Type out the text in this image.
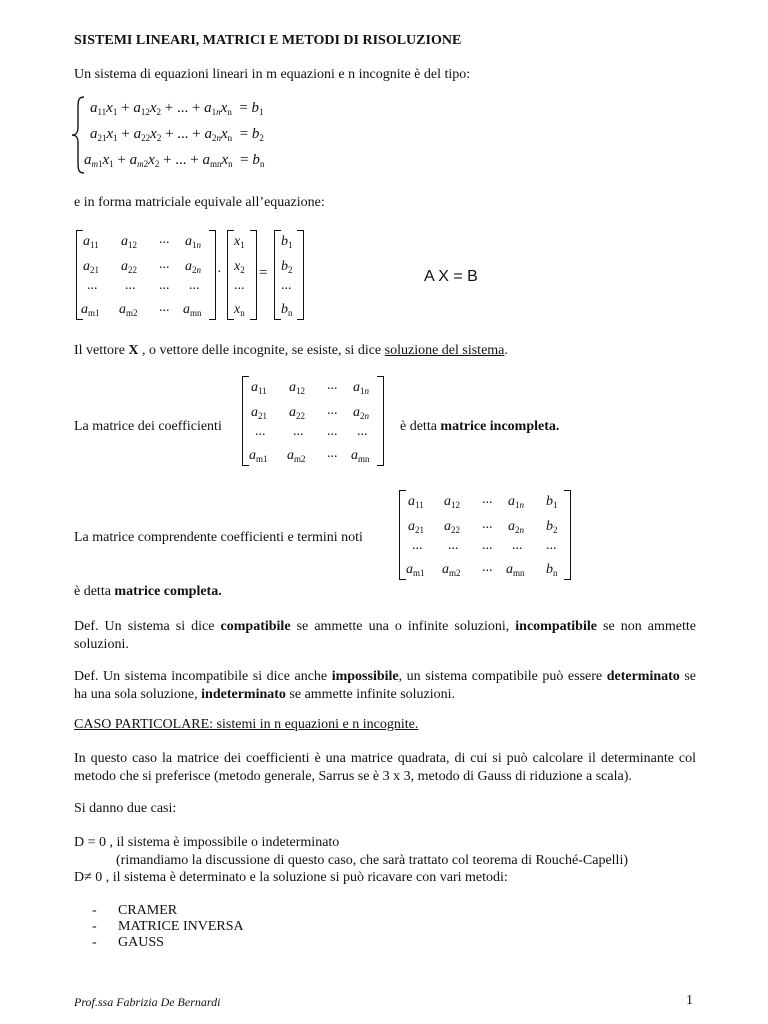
SISTEMI LINEARI, MATRICI E METODI DI RISOLUZIONE
Un sistema di equazioni lineari in m equazioni e n incognite è del tipo:
$a_{11}x_1 + a_{12}x_2$ + ... + $a_{1n}x_n = b_1$
$a_{21}x_1 + a_{22}x_2$ + ... + $a_{2n}x_n = b_2$
$a_{m1}x_1 + a_{m2}x_2$ + ... + $a_{mn}x_n = b_n$
e in forma matriciale equivale all’equazione:
$a_{11}$ $a_{12}$ ... $a_{1n}$
$a_{21}$ $a_{22}$ ... $a_{2n}$
... ... ... ...
$a_{m1}$ $a_{m2}$ ... $a_{mn}$
·
$x_1$
$x_2$
...
$x_n$
=
$b_1$
$b_2$
...
$b_n$
A X = B
Il vettore X , o vettore delle incognite, se esiste, si dice soluzione del sistema.
La matrice dei coefficienti
$a_{11}$ $a_{12}$ ... $a_{1n}$
$a_{21}$ $a_{22}$ ... $a_{2n}$
... ... ... ...
$a_{m1}$ $a_{m2}$ ... $a_{mn}$
è detta matrice incompleta.
La matrice comprendente coefficienti e termini noti
$a_{11}$ $a_{12}$ ... $a_{1n}$ $b_1$
$a_{21}$ $a_{22}$ ... $a_{2n}$ $b_2$
... ... ... ... ...
$a_{m1}$ $a_{m2}$ ... $a_{mn}$ $b_n$
è detta matrice completa.
Def. Un sistema si dice compatibile se ammette una o infinite soluzioni, incompatibile se non ammette soluzioni.
Def. Un sistema incompatibile si dice anche impossibile, un sistema compatibile può essere determinato se ha una sola soluzione, indeterminato se ammette infinite soluzioni.
CASO PARTICOLARE: sistemi in n equazioni e n incognite.
In questo caso la matrice dei coefficienti è una matrice quadrata, di cui si può calcolare il determinante col metodo che si preferisce (metodo generale, Sarrus se è 3 x 3, metodo di Gauss di riduzione a scala).
Si danno due casi:
D = 0 , il sistema è impossibile o indeterminato
(rimandiamo la discussione di questo caso, che sarà trattato col teorema di Rouché-Capelli)
D≠ 0 , il sistema è determinato e la soluzione si può ricavare con vari metodi:
- CRAMER
- MATRICE INVERSA
- GAUSS
Prof.ssa Fabrizia De Bernardi	1
